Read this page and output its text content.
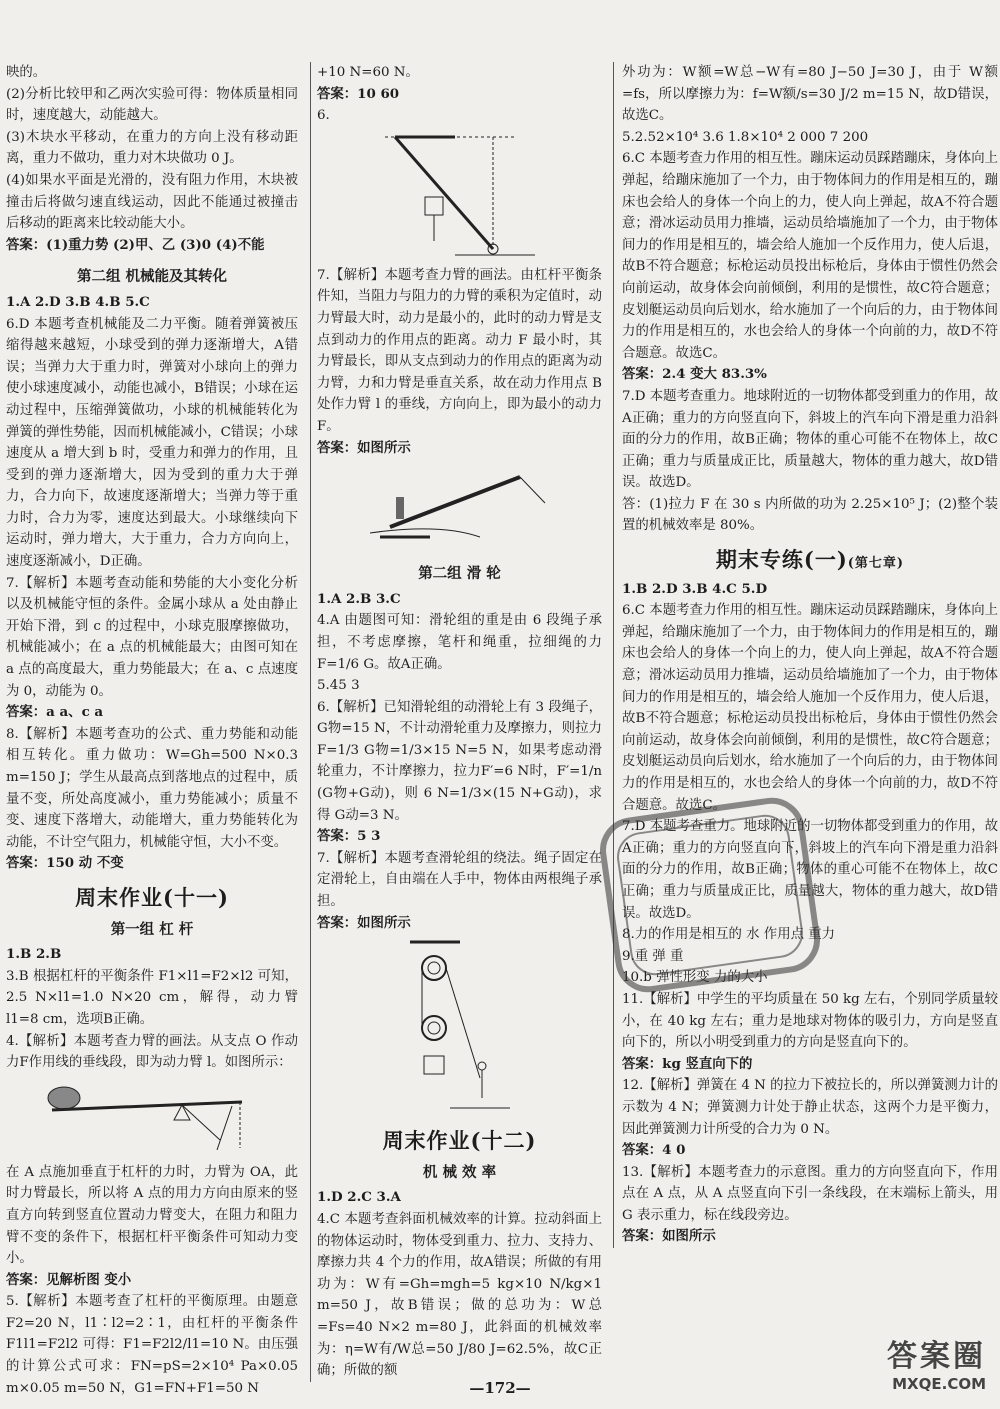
映的。

(2)分析比较甲和乙两次实验可得：物体质量相同时，速度越大，动能越大。

(3)木块水平移动，在重力的方向上没有移动距离，重力不做功，重力对木块做功 0 J。

(4)如果水平面是光滑的，没有阻力作用，木块被撞击后将做匀速直线运动，因此不能通过被撞击后移动的距离来比较动能大小。

答案：(1)重力势 (2)甲、乙 (3)0 (4)不能

第二组 机械能及其转化

1.A 2.D 3.B 4.B 5.C

6.D 本题考查机械能及二力平衡。随着弹簧被压缩得越来越短，小球受到的弹力逐渐增大，A错误；当弹力大于重力时，弹簧对小球向上的弹力使小球速度减小，动能也减小，B错误；小球在运动过程中，压缩弹簧做功，小球的机械能转化为弹簧的弹性势能，因而机械能减小，C错误；小球速度从 a 增大到 b 时，受重力和弹力的作用，且受到的弹力逐渐增大，因为受到的重力大于弹力，合力向下，故速度逐渐增大；当弹力等于重力时，合力为零，速度达到最大。小球继续向下运动时，弹力增大，大于重力，合力方向向上，速度逐渐减小，D正确。

7.【解析】本题考查动能和势能的大小变化分析以及机械能守恒的条件。金属小球从 a 处由静止开始下滑，到 c 的过程中，小球克服摩擦做功，机械能减小；在 a 点的机械能最大；由图可知在 a 点的高度最大，重力势能最大；在 a、c 点速度为 0，动能为 0。

答案：a a、c a

8.【解析】本题考查功的公式、重力势能和动能相互转化。重力做功：W=Gh=500 N×0.3 m=150 J；学生从最高点到落地点的过程中，质量不变，所处高度减小，重力势能减小；质量不变、速度下落增大，动能增大，重力势能转化为动能，不计空气阻力，机械能守恒，大小不变。

答案：150 动 不变

周末作业(十一)
第一组 杠 杆

1.B 2.B

3.B 根据杠杆的平衡条件 F1×l1=F2×l2 可知，2.5 N×l1=1.0 N×20 cm，解得，动力臂 l1=8 cm，选项B正确。

4.【解析】本题考查力臂的画法。从支点 O 作动力F作用线的垂线段，即为动力臂 l。如图所示：

在 A 点施加垂直于杠杆的力时，力臂为 OA，此时力臂最长，所以将 A 点的用力方向由原来的竖直方向转到竖直位置动力臂变大，在阻力和阻力臂不变的条件下，根据杠杆平衡条件可知动力变小。

答案：见解析图 变小

5.【解析】本题考查了杠杆的平衡原理。由题意 F2=20 N，l1∶l2=2∶1，由杠杆的平衡条件 F1l1=F2l2 可得：F1=F2l2/l1=10 N。由压强的计算公式可求：FN=pS=2×10⁴ Pa×0.05 m×0.05 m=50 N，G1=FN+F1=50 N

+10 N=60 N。

答案：10 60

6.

7.【解析】本题考查力臂的画法。由杠杆平衡条件知，当阻力与阻力的力臂的乘积为定值时，动力臂最大时，动力是最小的，此时的动力臂是支点到动力的作用点的距离。动力 F 最小时，其力臂最长，即从支点到动力的作用点的距离为动力臂，力和力臂是垂直关系，故在动力作用点 B 处作力臂 l 的垂线，方向向上，即为最小的动力F。

答案：如图所示

第二组 滑 轮

1.A 2.B 3.C

4.A 由题图可知：滑轮组的重是由 6 段绳子承担，不考虑摩擦，笔杆和绳重，拉细绳的力 F=1/6 G。故A正确。

5.45 3

6.【解析】已知滑轮组的动滑轮上有 3 段绳子，G物=15 N，不计动滑轮重力及摩擦力，则拉力F=1/3 G物=1/3×15 N=5 N，如果考虑动滑轮重力，不计摩擦力，拉力F′=6 N时，F′=1/n (G物+G动)，则 6 N=1/3×(15 N+G动)，求得 G动=3 N。

答案：5 3

7.【解析】本题考查滑轮组的绕法。绳子固定在定滑轮上，自由端在人手中，物体由两根绳子承担。

答案：如图所示

周末作业(十二)
机 械 效 率

1.D 2.C 3.A

4.C 本题考查斜面机械效率的计算。拉动斜面上的物体运动时，物体受到重力、拉力、支持力、摩擦力共 4 个力的作用，故A错误；所做的有用功为：W有=Gh=mgh=5 kg×10 N/kg×1 m=50 J，故B错误；做的总功为：W总=Fs=40 N×2 m=80 J，此斜面的机械效率为：η=W有/W总=50 J/80 J=62.5%，故C正确；所做的额

外功为：W额=W总−W有=80 J−50 J=30 J，由于 W额=fs，所以摩擦力为：f=W额/s=30 J/2 m=15 N，故D错误，故选C。

5.2.52×10⁴ 3.6 1.8×10⁴ 2 000 7 200

6.C 本题考查力作用的相互性。蹦床运动员踩踏蹦床，身体向上弹起，给蹦床施加了一个力，由于物体间力的作用是相互的，蹦床也会给人的身体一个向上的力，使人向上弹起，故A不符合题意；滑冰运动员用力推墙，运动员给墙施加了一个力，由于物体间力的作用是相互的，墙会给人施加一个反作用力，使人后退，故B不符合题意；标枪运动员投出标枪后，身体由于惯性仍然会向前运动，故身体会向前倾倒，利用的是惯性，故C符合题意；皮划艇运动员向后划水，给水施加了一个向后的力，由于物体间力的作用是相互的，水也会给人的身体一个向前的力，故D不符合题意。故选C。

答案：2.4 变大 83.3%

7.D 本题考查重力。地球附近的一切物体都受到重力的作用，故A正确；重力的方向竖直向下，斜坡上的汽车向下滑是重力沿斜面的分力的作用，故B正确；物体的重心可能不在物体上，故C正确；重力与质量成正比，质量越大，物体的重力越大，故D错误。故选D。

答：(1)拉力 F 在 30 s 内所做的功为 2.25×10⁵ J；(2)整个装置的机械效率是 80%。

期末专练(一)(第七章)

1.B 2.D 3.B 4.C 5.D

6.C 本题考查力作用的相互性。蹦床运动员踩踏蹦床，身体向上弹起，给蹦床施加了一个力，由于物体间力的作用是相互的，蹦床也会给人的身体一个向上的力，使人向上弹起，故A不符合题意；滑冰运动员用力推墙，运动员给墙施加了一个力，由于物体间力的作用是相互的，墙会给人施加一个反作用力，使人后退，故B不符合题意；标枪运动员投出标枪后，身体由于惯性仍然会向前运动，故身体会向前倾倒，利用的是惯性，故C符合题意；皮划艇运动员向后划水，给水施加了一个向后的力，由于物体间力的作用是相互的，水也会给人的身体一个向前的力，故D不符合题意。故选C。

7.D 本题考查重力。地球附近的一切物体都受到重力的作用，故A正确；重力的方向竖直向下，斜坡上的汽车向下滑是重力沿斜面的分力的作用，故B正确；物体的重心可能不在物体上，故C正确；重力与质量成正比，质量越大，物体的重力越大，故D错误。故选D。

8.力的作用是相互的 水 作用点 重力

9.重 弹 重

10.b 弹性形变 力的大小

11.【解析】中学生的平均质量在 50 kg 左右，个别同学质量较小，在 40 kg 左右；重力是地球对物体的吸引力，方向是竖直向下的，所以小明受到重力的方向是竖直向下的。

答案：kg 竖直向下的

12.【解析】弹簧在 4 N 的拉力下被拉长的，所以弹簧测力计的示数为 4 N；弹簧测力计处于静止状态，这两个力是平衡力，因此弹簧测力计所受的合力为 0 N。

答案：4 0

13.【解析】本题考查力的示意图。重力的方向竖直向下，作用点在 A 点，从 A 点竖直向下引一条线段，在末端标上箭头，用 G 表示重力，标在线段旁边。

答案：如图所示

—172—
答案圈
MXQE.COM
